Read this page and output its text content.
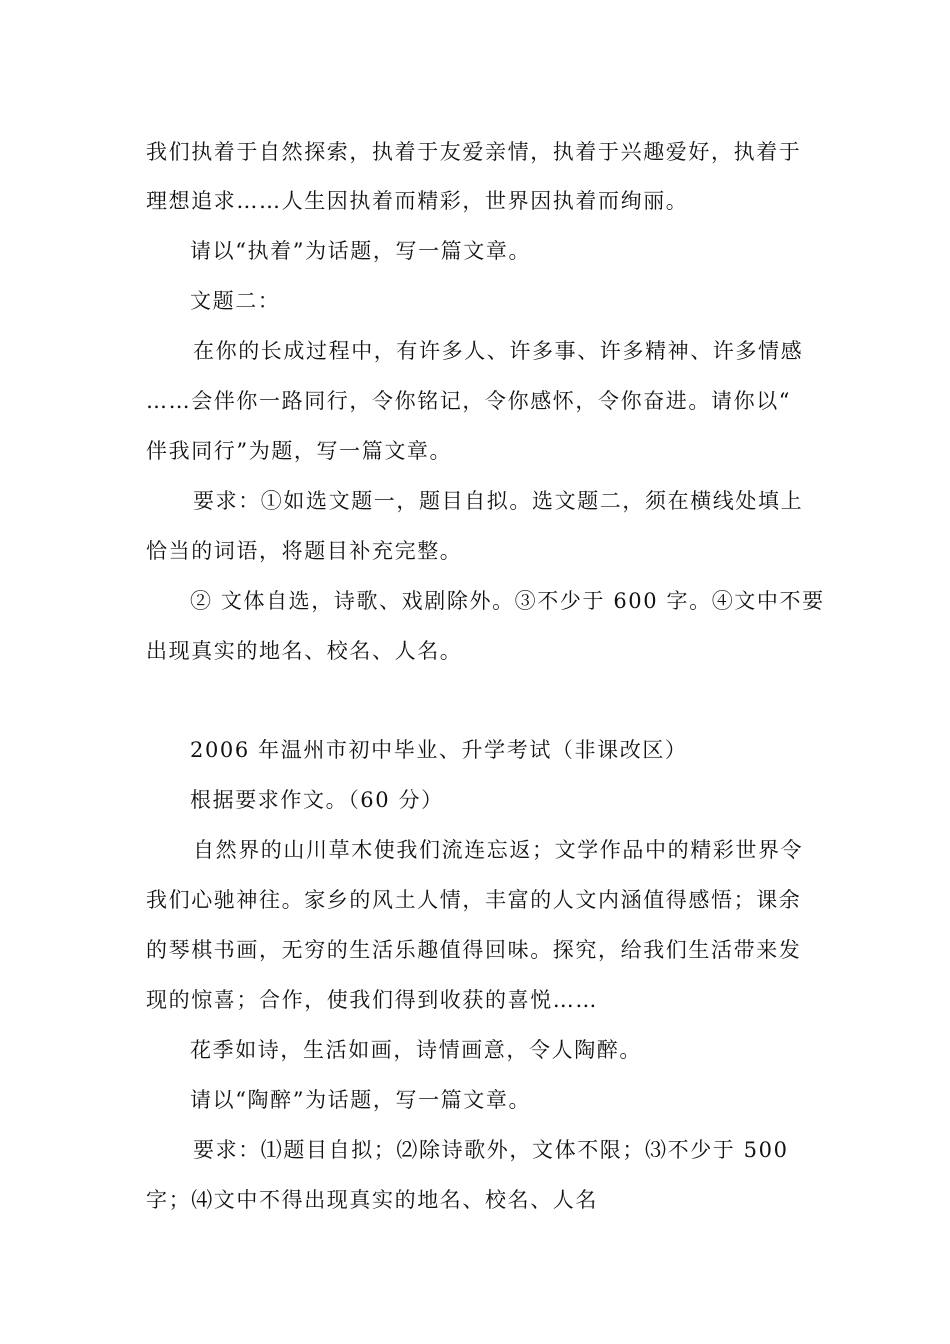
我们执着于自然探索，执着于友爱亲情，执着于兴趣爱好，执着于
理想追求……人生因执着而精彩，世界因执着而绚丽。
请以“执着”为话题，写一篇文章。
文题二：
在你的长成过程中，有许多人、许多事、许多精神、许多情感
……会伴你一路同行，令你铭记，令你感怀，令你奋进。请你以“
伴我同行”为题，写一篇文章。
要求：①如选文题一，题目自拟。选文题二，须在横线处填上
恰当的词语，将题目补充完整。
② 文体自选，诗歌、戏剧除外。③不少于 600 字。④文中不要
出现真实的地名、校名、人名。
2006 年温州市初中毕业、升学考试（非课改区）
根据要求作文。（60 分）
自然界的山川草木使我们流连忘返；文学作品中的精彩世界令
我们心驰神往。家乡的风土人情，丰富的人文内涵值得感悟；课余
的琴棋书画，无穷的生活乐趣值得回味。探究，给我们生活带来发
现的惊喜；合作，使我们得到收获的喜悦……
花季如诗，生活如画，诗情画意，令人陶醉。
请以“陶醉”为话题，写一篇文章。
要求：⑴题目自拟；⑵除诗歌外，文体不限；⑶不少于 500
字；⑷文中不得出现真实的地名、校名、人名
